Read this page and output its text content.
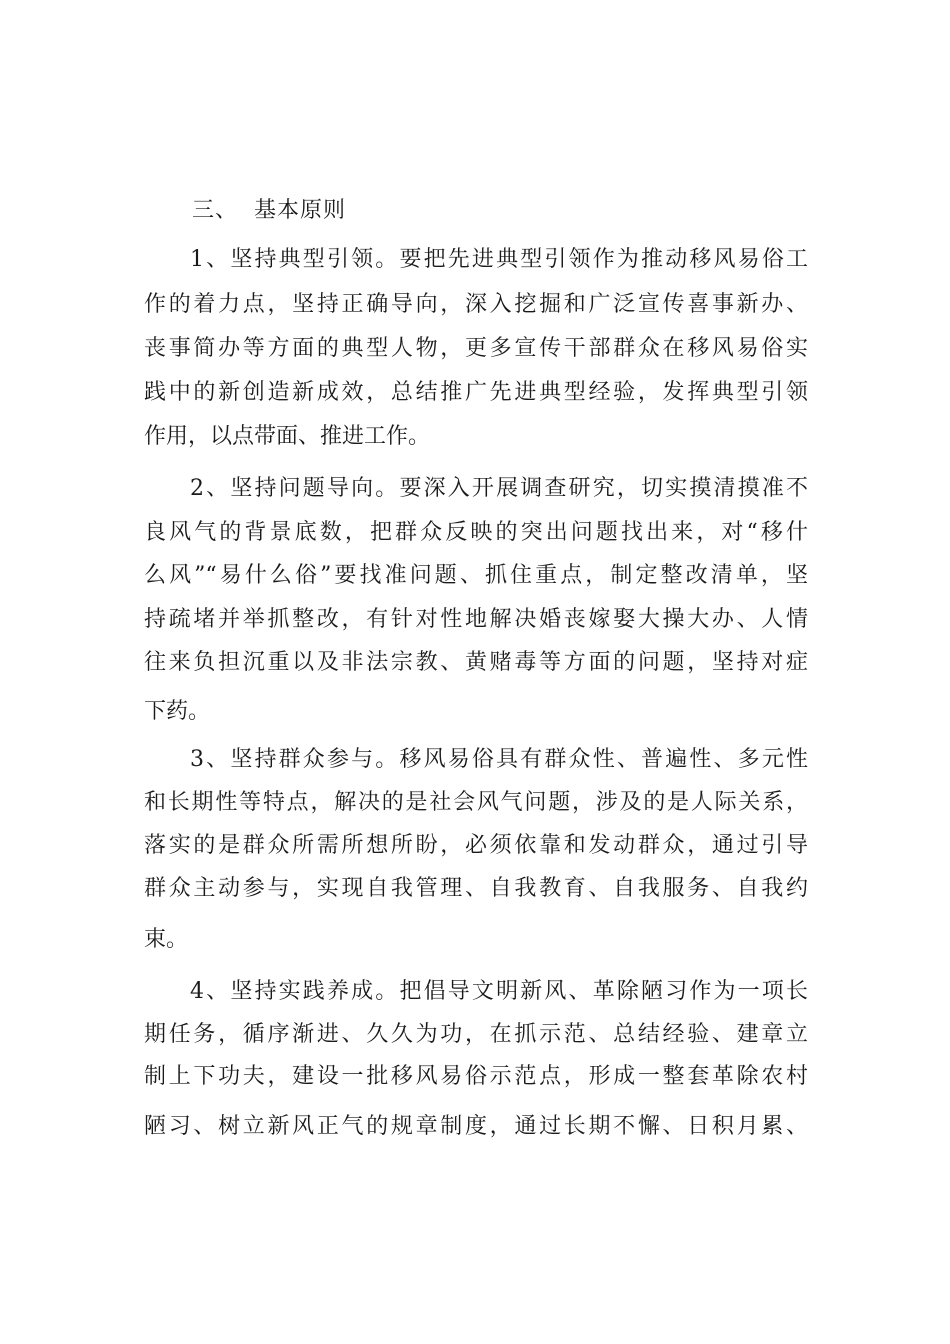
三、  基本原则
1、坚持典型引领。要把先进典型引领作为推动移风易俗工
作的着力点，坚持正确导向，深入挖掘和广泛宣传喜事新办、
丧事简办等方面的典型人物，更多宣传干部群众在移风易俗实
践中的新创造新成效，总结推广先进典型经验，发挥典型引领
作用，以点带面、推进工作。
2、坚持问题导向。要深入开展调查研究，切实摸清摸准不
良风气的背景底数，把群众反映的突出问题找出来，对“移什
么风”“易什么俗”要找准问题、抓住重点，制定整改清单，坚
持疏堵并举抓整改，有针对性地解决婚丧嫁娶大操大办、人情
往来负担沉重以及非法宗教、黄赌毒等方面的问题，坚持对症
下药。
3、坚持群众参与。移风易俗具有群众性、普遍性、多元性
和长期性等特点，解决的是社会风气问题，涉及的是人际关系，
落实的是群众所需所想所盼，必须依靠和发动群众，通过引导
群众主动参与，实现自我管理、自我教育、自我服务、自我约
束。
4、坚持实践养成。把倡导文明新风、革除陋习作为一项长
期任务，循序渐进、久久为功，在抓示范、总结经验、建章立
制上下功夫，建设一批移风易俗示范点，形成一整套革除农村
陋习、树立新风正气的规章制度，通过长期不懈、日积月累、
